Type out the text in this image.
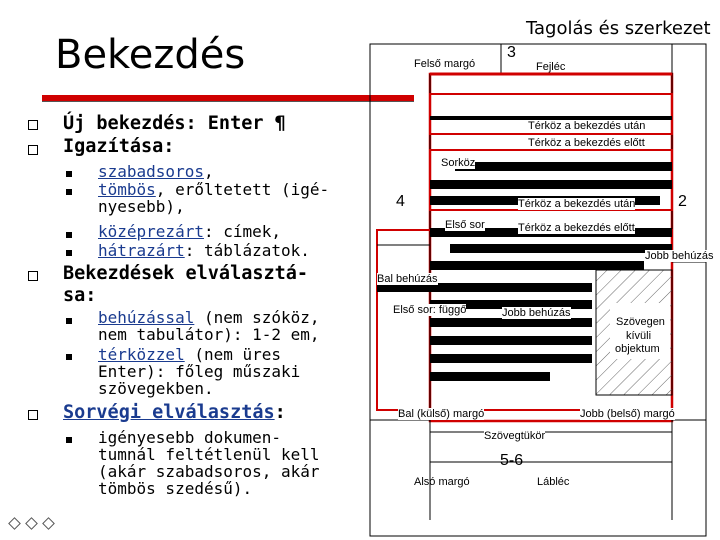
Tagolás és szerkezet
Bekezdés
Új bekezdés: Enter ¶
Igazítása:
szabadsoros,
tömbös, erőltetett (igé-
nyesebb),
középrezárt: címek,
hátrazárt: táblázatok.
Bekezdések elválasztá-
sa:
behúzással (nem szóköz,
nem tabulátor): 1-2 em,
térközzel (nem üres
Enter): főleg műszaki
szövegekben.
Sorvégi elválasztás:
igényesebb dokumen-
tumnál feltétlenül kell
(akár szabadsoros, akár
tömbös szedésű).
Felső margó
3
Fejléc
Térköz a bekezdés után
Térköz a bekezdés előtt
Sorköz
4	Térköz a bekezdés után	2
Első sor	Térköz a bekezdés előtt
Jobb behúzás
Bal behúzás
Első sor: függő	Jobb behúzás
Szövegen
kívüli
objektum
Bal (külső) margó	Jobb (belső) margó
Szövegtükör
5-6
Alsó margó	Lábléc
